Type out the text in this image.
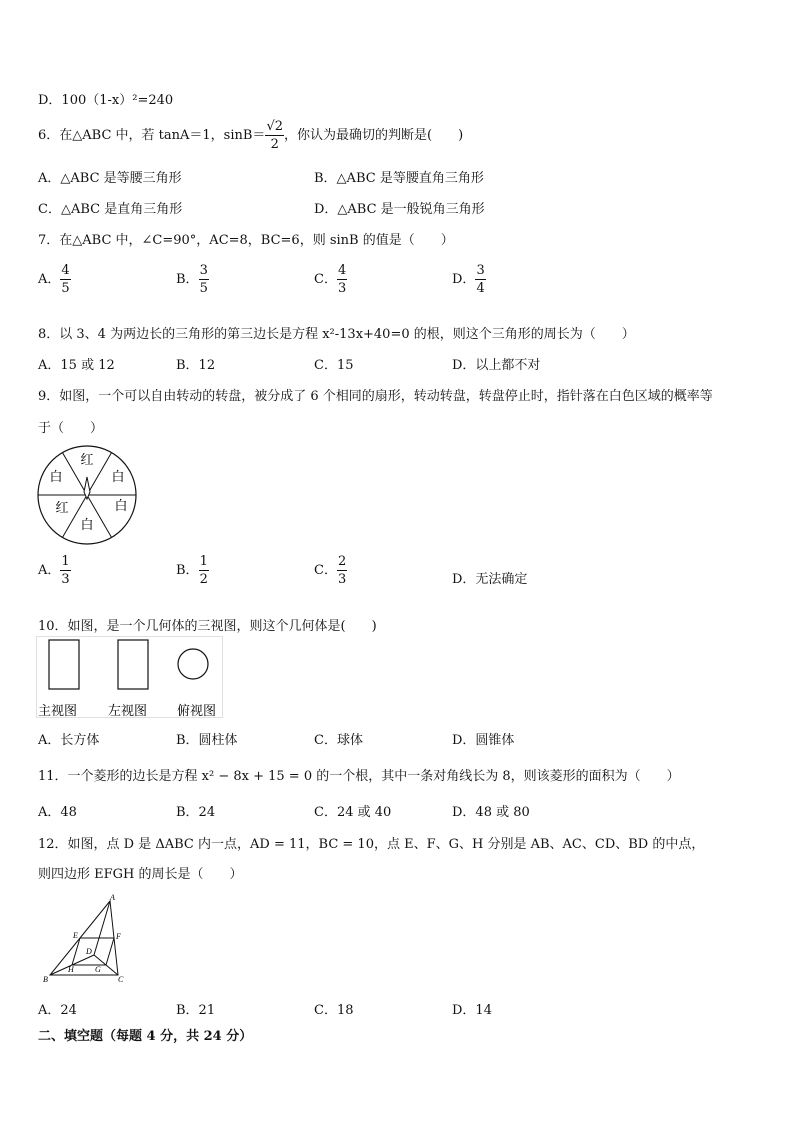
D．100（1-x）²=240
6．在△ABC 中，若 tanA＝1，$\sin B= \frac{√2}{2}$ ，你认为最确切的判断是(　　)
A．△ABC 是等腰三角形	B．△ABC 是等腰直角三角形
C．△ABC 是直角三角形	D．△ABC 是一般锐角三角形
7．在△ABC 中，∠C=90°，AC=8，BC=6，则 sinB 的值是（　　）
A． $\frac{4}{5}$	B． $\frac{3}{5}$	C． $\frac{4}{3}$	D． $\frac{3}{4}$
8．以 3、4 为两边长的三角形的第三边长是方程 x²-13x+40=0 的根，则这个三角形的周长为（　　）
A．15 或 12	B．12	C．15	D．以上都不对
9．如图，一个可以自由转动的转盘，被分成了 6 个相同的扇形，转动转盘，转盘停止时，指针落在白色区域的概率等
于（　　）
红
白
白
白
红
白
A． $\frac{1}{3}$	B． $\frac{1}{2}$	C． $\frac{2}{3}$	D．无法确定
10．如图，是一个几何体的三视图，则这个几何体是(　　)
主视图 左视图 俯视图
A．长方体	B．圆柱体	C．球体	D．圆锥体
11．一个菱形的边长是方程 x² − 8x + 15 = 0 的一个根，其中一条对角线长为 8，则该菱形的面积为（　　）
A．48	B．24	C．24 或 40	D．48 或 80
12．如图，点 D 是 ΔABC 内一点，AD = 11，BC = 10，点 E、F、G、H 分别是 AB、AC、CD、BD 的中点，
则四边形 EFGH 的周长是（　　）
A
B	C
D
E	F
G
H
A．24	B．21	C．18	D．14
二、填空题（每题 4 分，共 24 分）
